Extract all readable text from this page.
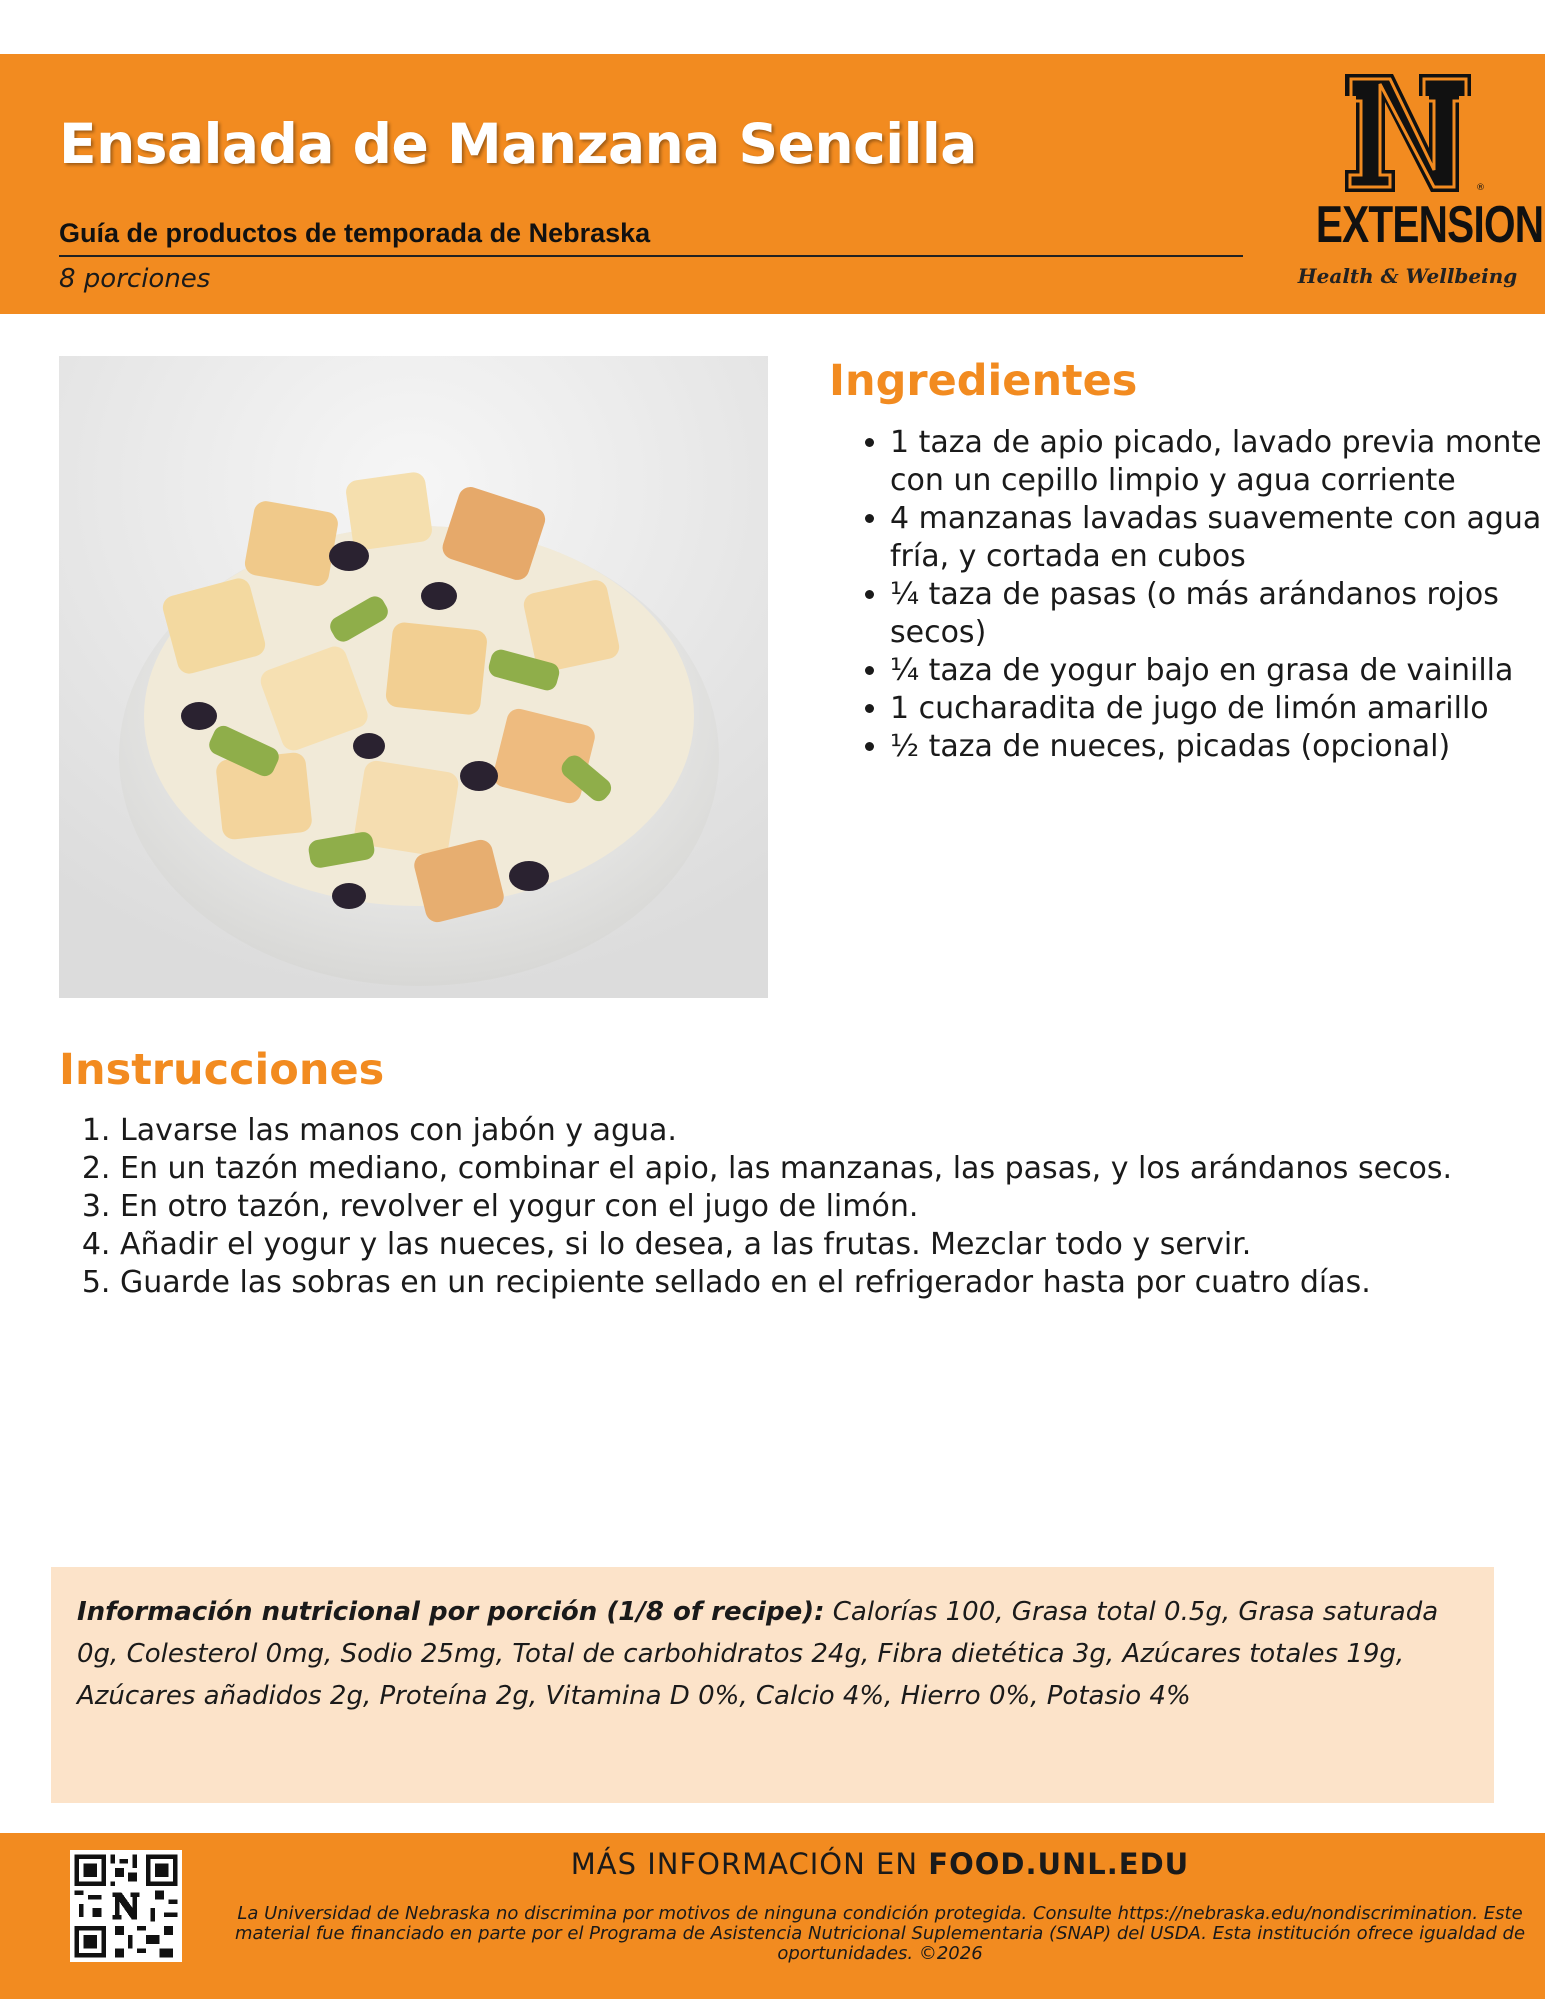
Ensalada de Manzana Sencilla
Guía de productos de temporada de Nebraska
8 porciones
®
EXTENSION
Health & Wellbeing
Ingredientes
• 1 taza de apio picado, lavado previa monte con un cepillo limpio y agua corriente
• 4 manzanas lavadas suavemente con agua fría, y cortada en cubos
• ¼ taza de pasas (o más arándanos rojos secos)
• ¼ taza de yogur bajo en grasa de vainilla
• 1 cucharadita de jugo de limón amarillo
• ½ taza de nueces, picadas (opcional)
Instrucciones
1. Lavarse las manos con jabón y agua.
2. En un tazón mediano, combinar el apio, las manzanas, las pasas, y los arándanos secos.
3. En otro tazón, revolver el yogur con el jugo de limón.
4. Añadir el yogur y las nueces, si lo desea, a las frutas. Mezclar todo y servir.
5. Guarde las sobras en un recipiente sellado en el refrigerador hasta por cuatro días.
Información nutricional por porción (1/8 of recipe): Calorías 100, Grasa total 0.5g, Grasa saturada 0g, Colesterol 0mg, Sodio 25mg, Total de carbohidratos 24g, Fibra dietética 3g, Azúcares totales 19g, Azúcares añadidos 2g, Proteína 2g, Vitamina D 0%, Calcio 4%, Hierro 0%, Potasio 4%
MÁS INFORMACIÓN EN FOOD.UNL.EDU
La Universidad de Nebraska no discrimina por motivos de ninguna condición protegida. Consulte https://nebraska.edu/nondiscrimination. Este material fue financiado en parte por el Programa de Asistencia Nutricional Suplementaria (SNAP) del USDA. Esta institución ofrece igualdad de oportunidades. ©2026
